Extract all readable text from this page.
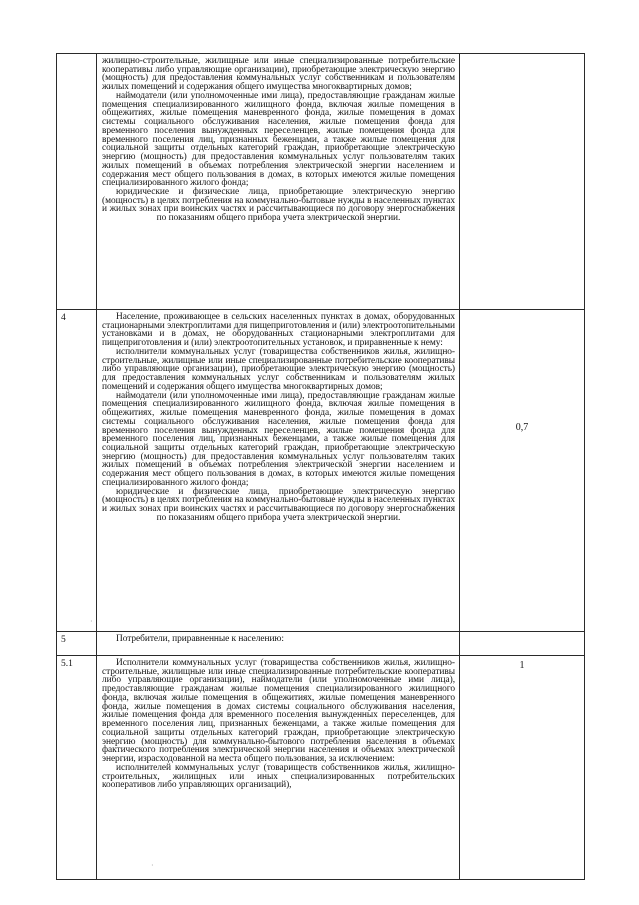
	жилищно-строительные, жилищные или иные специализированные потребительские кооперативы либо управляющие организации), приобретающие электрическую энергию (мощность) для предоставления коммунальных услуг собственникам и пользователям жилых помещений и содержания общего имущества многоквартирных домов;

наймодатели (или уполномоченные ими лица), предоставляющие гражданам жилые помещения специализированного жилищного фонда, включая жилые помещения в общежитиях, жилые помещения маневренного фонда, жилые помещения в домах системы социального обслуживания населения, жилые помещения фонда для временного поселения вынужденных переселенцев, жилые помещения фонда для временного поселения лиц, признанных беженцами, а также жилые помещения для социальной защиты отдельных категорий граждан, приобретающие электрическую энергию (мощность) для предоставления коммунальных услуг пользователям таких жилых помещений в объемах потребления электрической энергии населением и содержания мест общего пользования в домах, в которых имеются жилые помещения специализированного жилого фонда;

юридические и физические лица, приобретающие электрическую энергию (мощность) в целях потребления на коммунально-бытовые нужды в населенных пунктах и жилых зонах при воинских частях и рассчитывающиеся по договору энергоснабжения по показаниям общего прибора учета электрической энергии.	

4	Население, проживающее в сельских населенных пунктах в домах, оборудованных стационарными электроплитами для пищеприготовления и (или) электроотопительными установками и в домах, не оборудованных стационарными электроплитами для пищеприготовления и (или) электроотопительных установок, и приравненные к нему:

исполнители коммунальных услуг (товарищества собственников жилья, жилищно-строительные, жилищные или иные специализированные потребительские кооперативы либо управляющие организации), приобретающие электрическую энергию (мощность) для предоставления коммунальных услуг собственникам и пользователям жилых помещений и содержания общего имущества многоквартирных домов;

наймодатели (или уполномоченные ими лица), предоставляющие гражданам жилые помещения специализированного жилищного фонда, включая жилые помещения в общежитиях, жилые помещения маневренного фонда, жилые помещения в домах системы социального обслуживания населения, жилые помещения фонда для временного поселения вынужденных переселенцев, жилые помещения фонда для временного поселения лиц, признанных беженцами, а также жилые помещения для социальной защиты отдельных категорий граждан, приобретающие электрическую энергию (мощность) для предоставления коммунальных услуг пользователям таких жилых помещений в объемах потребления электрической энергии населением и содержания мест общего пользования в домах, в которых имеются жилые помещения специализированного жилого фонда;

юридические и физические лица, приобретающие электрическую энергию (мощность) в целях потребления на коммунально-бытовые нужды в населенных пунктах и жилых зонах при воинских частях и рассчитывающиеся по договору энергоснабжения по показаниям общего прибора учета электрической энергии.	0,7

5	Потребители, приравненные к населению:	

5.1	Исполнители коммунальных услуг (товарищества собственников жилья, жилищно-строительные, жилищные или иные специализированные потребительские кооперативы либо управляющие организации), наймодатели (или уполномоченные ими лица), предоставляющие гражданам жилые помещения специализированного жилищного фонда, включая жилые помещения в общежитиях, жилые помещения маневренного фонда, жилые помещения в домах системы социального обслуживания населения, жилые помещения фонда для временного поселения вынужденных переселенцев, для временного поселения лиц, признанных беженцами, а также жилые помещения для социальной защиты отдельных категорий граждан, приобретающие электрическую энергию (мощность) для коммунально-бытового потребления населения в объемах фактического потребления электрической энергии населения и объемах электрической энергии, израсходованной на места общего пользования, за исключением:

исполнителей коммунальных услуг (товариществ собственников жилья, жилищно-строительных, жилищных или иных специализированных потребительских кооперативов либо управляющих организаций),	1
·
·
